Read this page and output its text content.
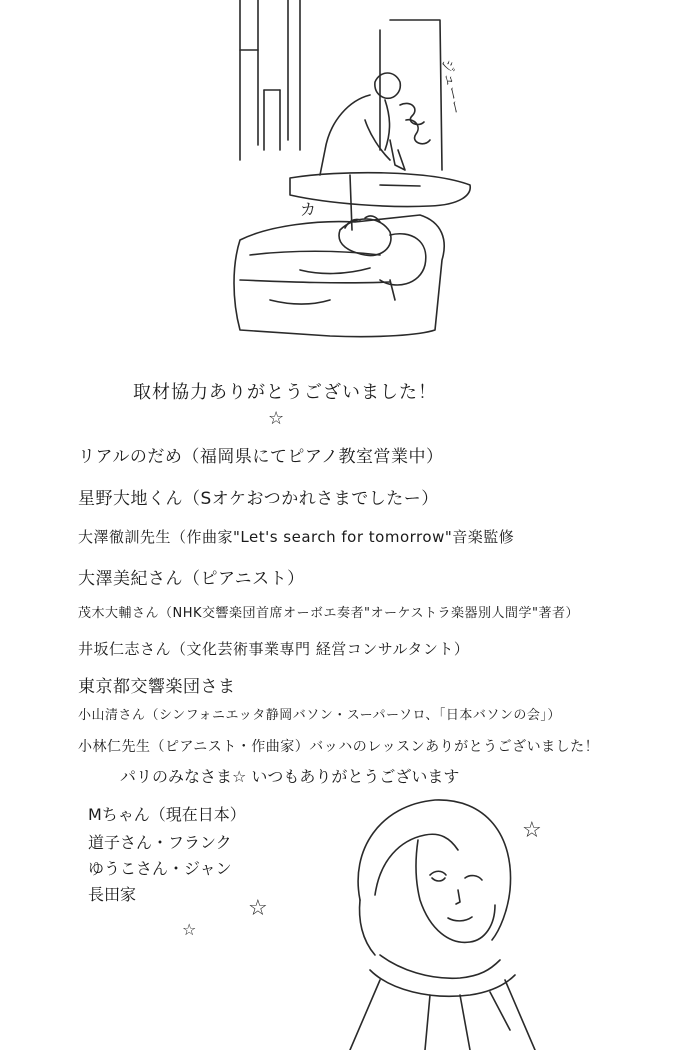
ジューー
カ
取材協力ありがとうございました！
☆
リアルのだめ（福岡県にてピアノ教室営業中）
星野大地くん（Sオケおつかれさまでしたー）
大澤徹訓先生（作曲家"Let's search for tomorrow"音楽監修
大澤美紀さん（ピアニスト）
茂木大輔さん（NHK交響楽団首席オーボエ奏者"オーケストラ楽器別人間学"著者）
井坂仁志さん（文化芸術事業専門 経営コンサルタント）
東京都交響楽団さま
小山清さん（シンフォニエッタ静岡バソン・スーパーソロ、「日本バソンの会」）
小林仁先生（ピアニスト・作曲家）バッハのレッスンありがとうございました！
パリのみなさま☆ いつもありがとうございます
Mちゃん（現在日本）
道子さん・フランク
ゆうこさん・ジャン
長田家
☆
☆
☆
